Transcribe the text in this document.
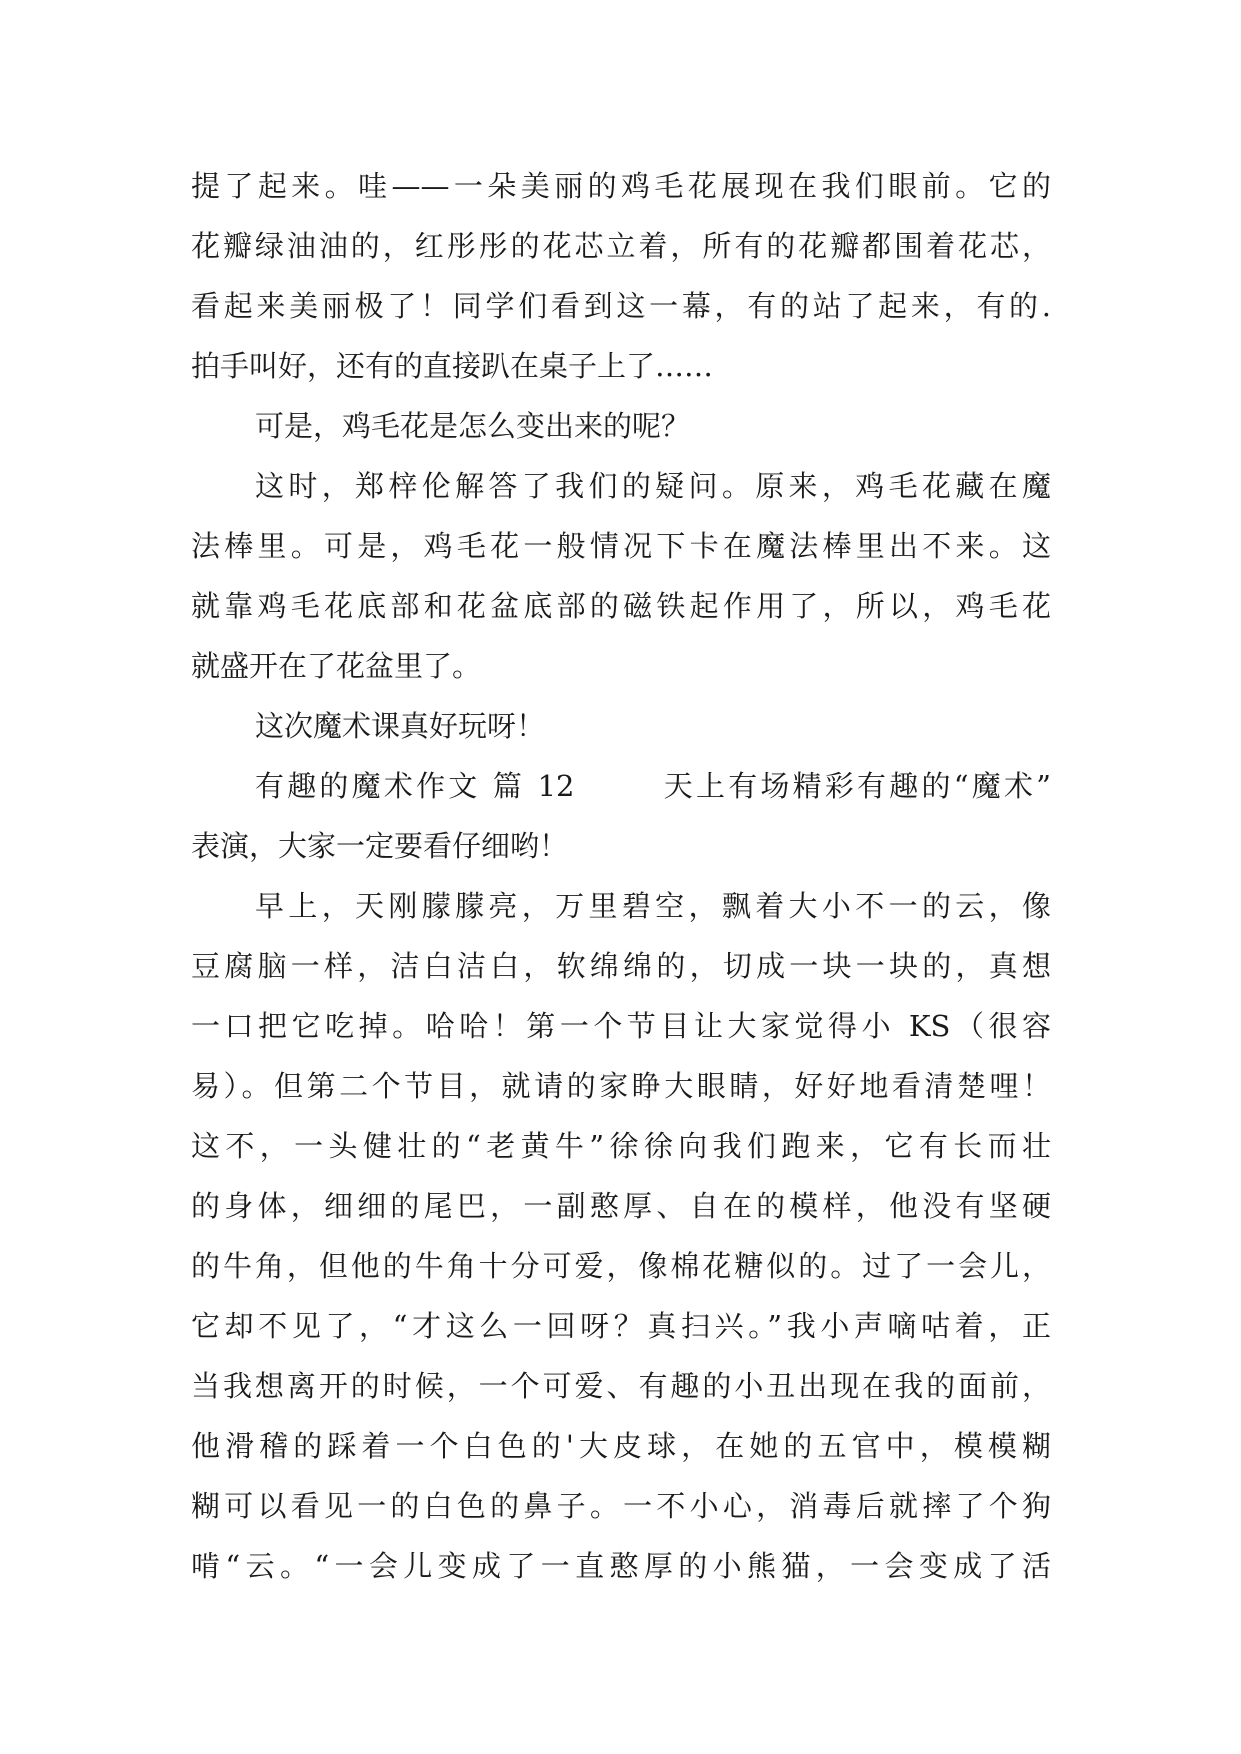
提了起来。哇——一朵美丽的鸡毛花展现在我们眼前。它的
花瓣绿油油的，红彤彤的花芯立着，所有的花瓣都围着花芯，
看起来美丽极了！同学们看到这一幕，有的站了起来，有的.
拍手叫好，还有的直接趴在桌子上了……
可是，鸡毛花是怎么变出来的呢？
这时，郑梓伦解答了我们的疑问。原来，鸡毛花藏在魔
法棒里。可是，鸡毛花一般情况下卡在魔法棒里出不来。这
就靠鸡毛花底部和花盆底部的磁铁起作用了，所以，鸡毛花
就盛开在了花盆里了。
这次魔术课真好玩呀！
有趣的魔术作文 篇 12 　 　天上有场精彩有趣的“魔术”
表演，大家一定要看仔细哟！
早上，天刚朦朦亮，万里碧空，飘着大小不一的云，像
豆腐脑一样，洁白洁白，软绵绵的，切成一块一块的，真想
一口把它吃掉。哈哈！第一个节目让大家觉得小 KS（很容
易）。但第二个节目，就请的家睁大眼睛，好好地看清楚哩！
这不，一头健壮的“老黄牛”徐徐向我们跑来，它有长而壮
的身体，细细的尾巴，一副憨厚、自在的模样，他没有坚硬
的牛角，但他的牛角十分可爱，像棉花糖似的。过了一会儿，
它却不见了，“才这么一回呀？真扫兴。”我小声嘀咕着，正
当我想离开的时候，一个可爱、有趣的小丑出现在我的面前，
他滑稽的踩着一个白色的'大皮球，在她的五官中，模模糊
糊可以看见一的白色的鼻子。一不小心，消毒后就摔了个狗
啃“云。“一会儿变成了一直憨厚的小熊猫，一会变成了活
